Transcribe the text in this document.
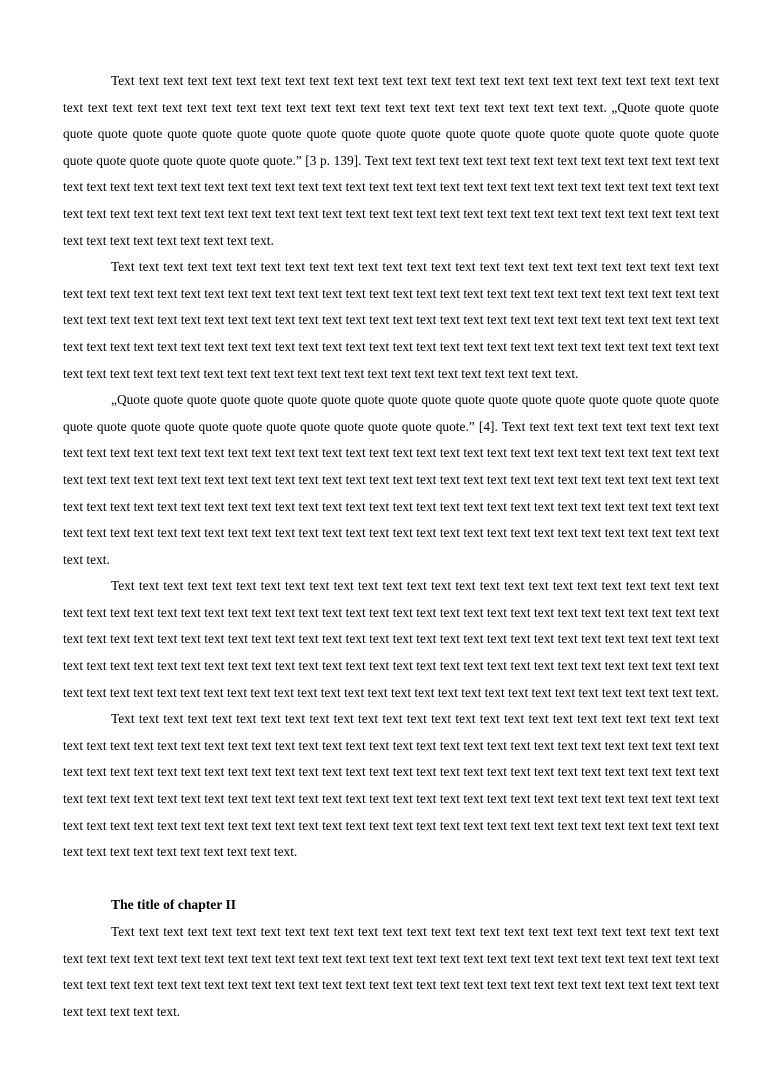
Text text text text text text text text text text text text text text text text text text text text text text text text text text text text text text text text text text text text text text text text text text text text text text text. „Quote quote quote quote quote quote quote quote quote quote quote quote quote quote quote quote quote quote quote quote quote quote quote quote quote quote quote quote quote.” [3 p. 139]. Text text text text text text text text text text text text text text text text text text text text text text text text text text text text text text text text text text text text text text text text text text text text text text text text text text text text text text text text text text text text text text text text text text text text text text text text text text text text text text text text.

Text text text text text text text text text text text text text text text text text text text text text text text text text text text text text text text text text text text text text text text text text text text text text text text text text text text text text text text text text text text text text text text text text text text text text text text text text text text text text text text text text text text text text text text text text text text text text text text text text text text text text text text text text text text text text text text text text text text text text text text text text text text text text text text text text text text.

„Quote quote quote quote quote quote quote quote quote quote quote quote quote quote quote quote quote quote quote quote quote quote quote quote quote quote quote quote quote quote.” [4]. Text text text text text text text text text text text text text text text text text text text text text text text text text text text text text text text text text text text text text text text text text text text text text text text text text text text text text text text text text text text text text text text text text text text text text text text text text text text text text text text text text text text text text text text text text text text text text text text text text text text text text text text text text text text text text text text text text text text text text text text text text text text.

Text text text text text text text text text text text text text text text text text text text text text text text text text text text text text text text text text text text text text text text text text text text text text text text text text text text text text text text text text text text text text text text text text text text text text text text text text text text text text text text text text text text text text text text text text text text text text text text text text text text text text text text text text text text text text text text text text text text text text text text text text text text text text text text text text text text text text text text text text.

Text text text text text text text text text text text text text text text text text text text text text text text text text text text text text text text text text text text text text text text text text text text text text text text text text text text text text text text text text text text text text text text text text text text text text text text text text text text text text text text text text text text text text text text text text text text text text text text text text text text text text text text text text text text text text text text text text text text text text text text text text text text text text text text text text text text text text text text text text text text text text text text text text text text.

The title of chapter II

Text text text text text text text text text text text text text text text text text text text text text text text text text text text text text text text text text text text text text text text text text text text text text text text text text text text text text text text text text text text text text text text text text text text text text text text text text text text text text text text text text text text text text text.
